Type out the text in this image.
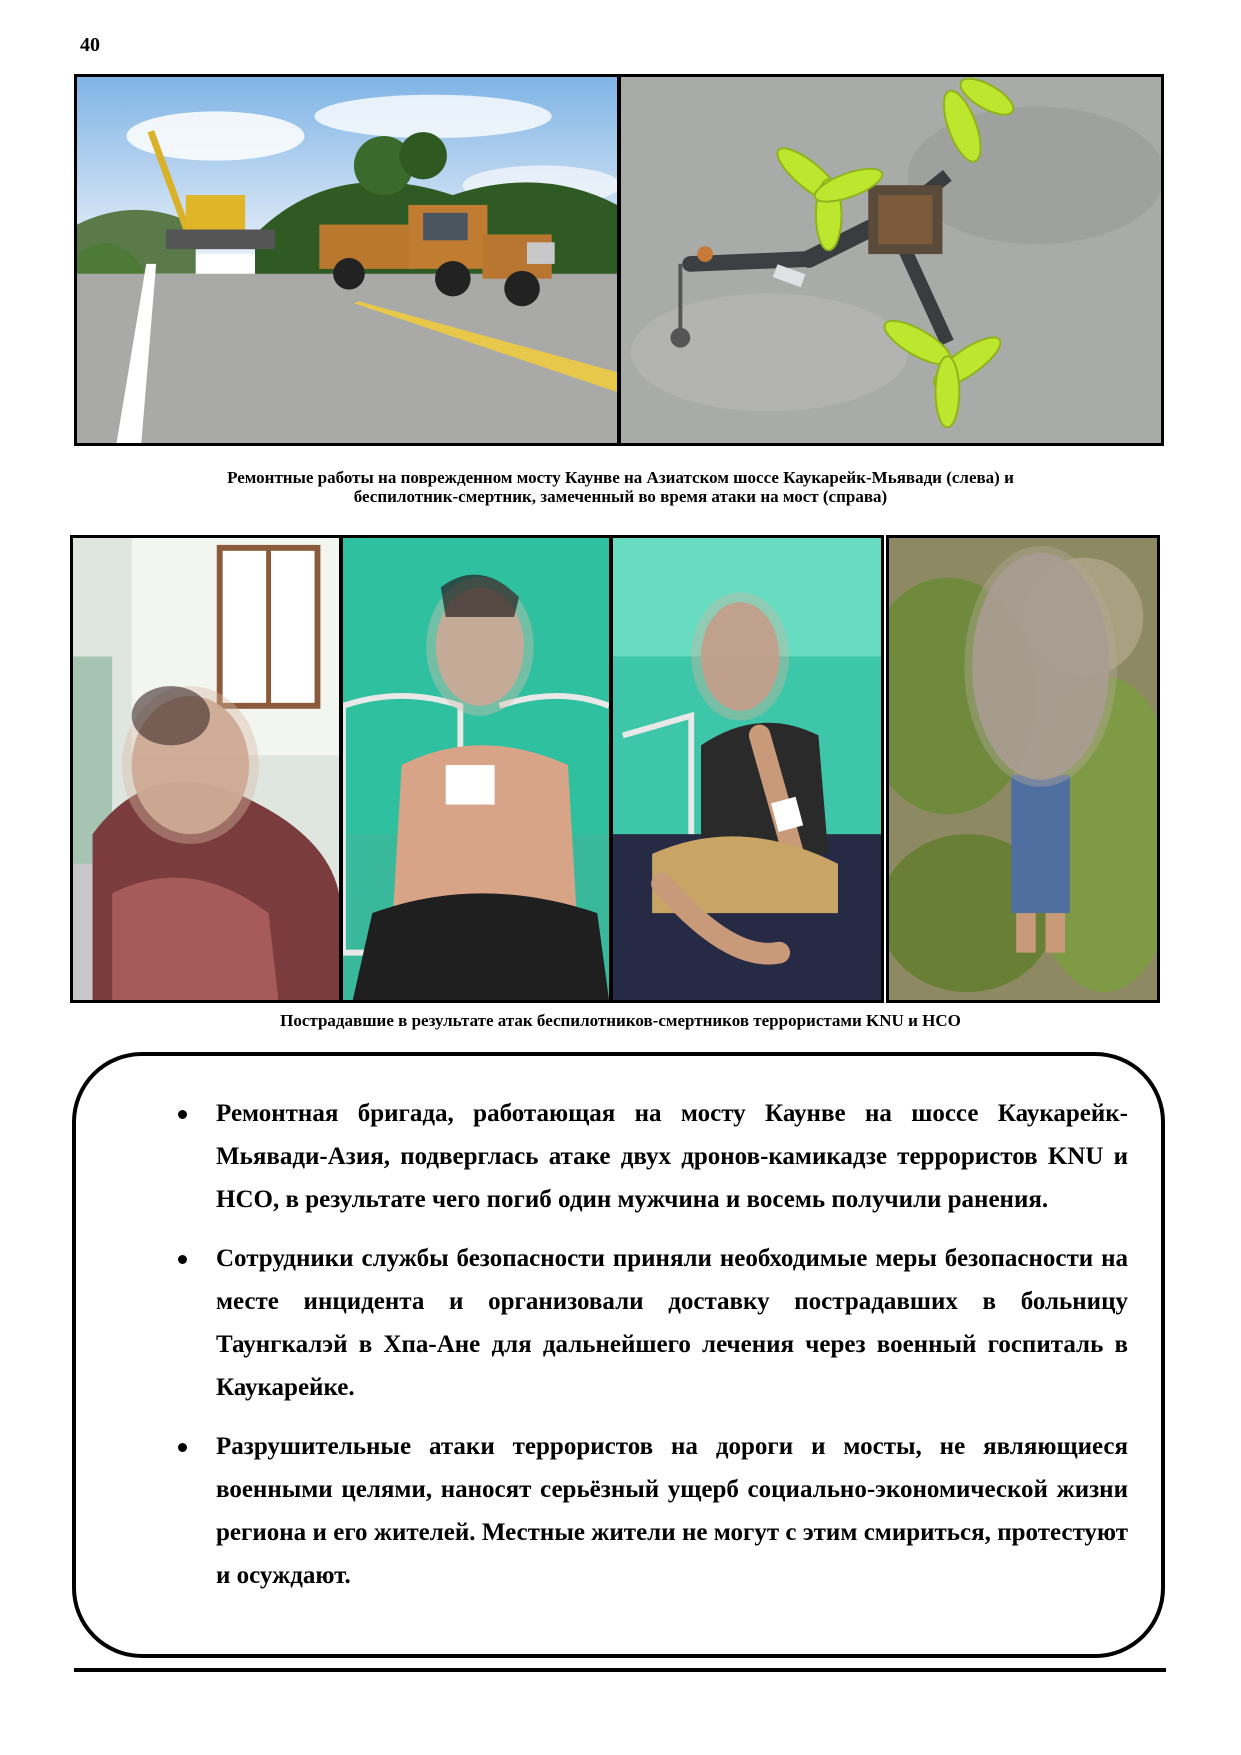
40
Ремонтные работы на поврежденном мосту Каунве на Азиатском шоссе Каукарейк-Мьявади (слева) и
беспилотник-смертник, замеченный во время атаки на мост (справа)
Пострадавшие в результате атак беспилотников-смертников террористами KNU и HCO
Ремонтная бригада, работающая на мосту Каунве на шоссе Каукарейк-Мьявади-Азия, подверглась атаке двух дронов-камикадзе террористов KNU и HCO, в результате чего погиб один мужчина и восемь получили ранения.
Сотрудники службы безопасности приняли необходимые меры безопасности на месте инцидента и организовали доставку пострадавших в больницу Таунгкалэй в Хпа-Ане для дальнейшего лечения через военный госпиталь в Каукарейке.
Разрушительные атаки террористов на дороги и мосты, не являющиеся военными целями, наносят серьёзный ущерб социально-экономической жизни региона и его жителей. Местные жители не могут с этим смириться, протестуют и осуждают.
